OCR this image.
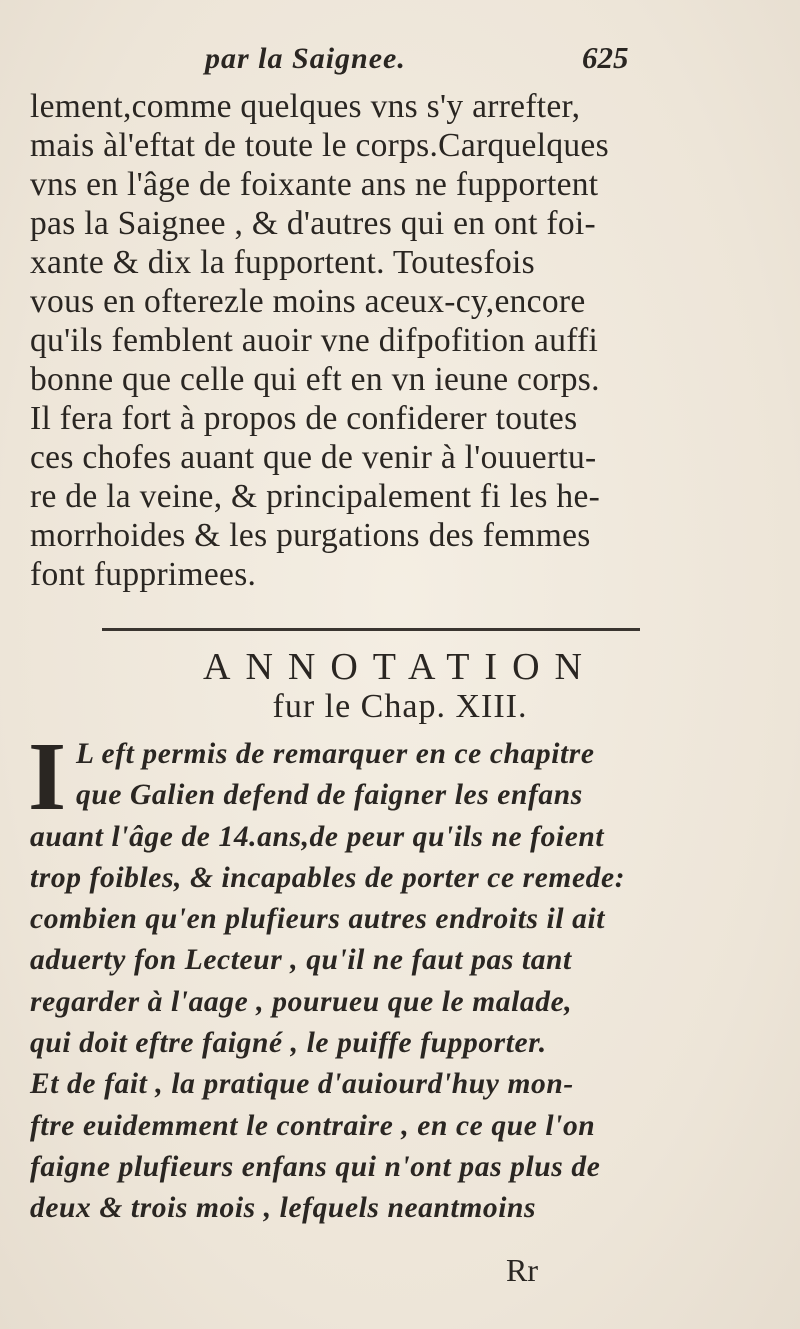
par la Saignee.	625
lement,comme quelques vns s'y arrefter,
mais àl'eftat de toute le corps.Carquelques
vns en l'âge de foixante ans ne fupportent
pas la Saignee , & d'autres qui en ont foi-
xante & dix la fupportent. Toutesfois
vous en ofterezle moins aceux-cy,encore
qu'ils femblent auoir vne difpofition auffi
bonne que celle qui eft en vn ieune corps.
Il fera fort à propos de confiderer toutes
ces chofes auant que de venir à l'ouuertu-
re de la veine, & principalement fi les he-
morrhoides & les purgations des femmes
font fupprimees.
ANNOTATION
fur le Chap. XIII.
I L eft permis de remarquer en ce chapitre
que Galien defend de faigner les enfans
auant l'âge de 14.ans,de peur qu'ils ne foient
trop foibles, & incapables de porter ce remede:
combien qu'en plufieurs autres endroits il ait
aduerty fon Lecteur , qu'il ne faut pas tant
regarder à l'aage , pourueu que le malade,
qui doit eftre faigné , le puiffe fupporter.
Et de fait , la pratique d'auiourd'huy mon-
ftre euidemment le contraire , en ce que l'on
faigne plufieurs enfans qui n'ont pas plus de
deux & trois mois , lefquels neantmoins
Rr
